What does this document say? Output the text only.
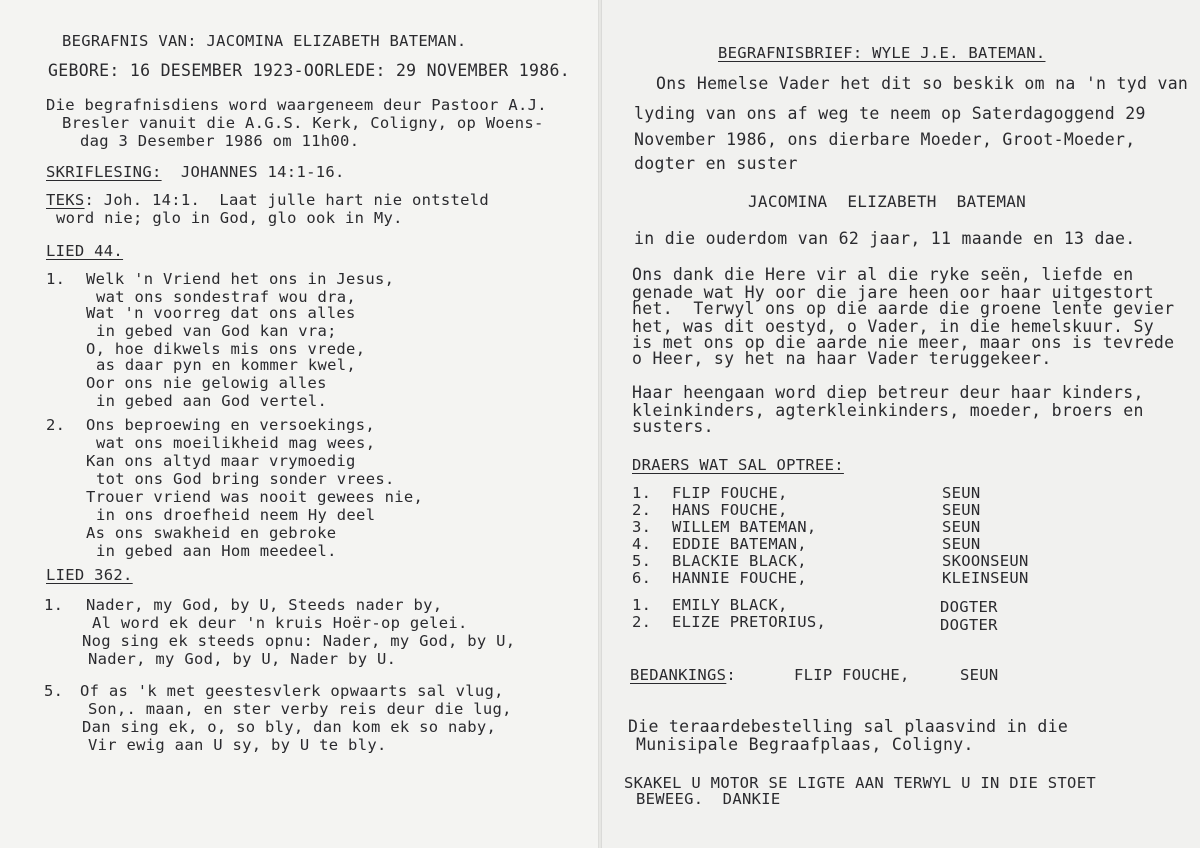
BEGRAFNIS VAN: JACOMINA ELIZABETH BATEMAN.
GEBORE: 16 DESEMBER 1923-OORLEDE: 29 NOVEMBER 1986.
Die begrafnisdiens word waargeneem deur Pastoor A.J.
Bresler vanuit die A.G.S. Kerk, Coligny, op Woens-
dag 3 Desember 1986 om 11h00.
SKRIFLESING: JOHANNES 14:1-16.
TEKS: Joh. 14:1.  Laat julle hart nie ontsteld
word nie; glo in God, glo ook in My.
LIED 44.
1. Welk 'n Vriend het ons in Jesus,
wat ons sondestraf wou dra,
Wat 'n voorreg dat ons alles
in gebed van God kan vra;
O, hoe dikwels mis ons vrede,
as daar pyn en kommer kwel,
Oor ons nie gelowig alles
in gebed aan God vertel.
2. Ons beproewing en versoekings,
wat ons moeilikheid mag wees,
Kan ons altyd maar vrymoedig
tot ons God bring sonder vrees.
Trouer vriend was nooit gewees nie,
in ons droefheid neem Hy deel
As ons swakheid en gebroke
in gebed aan Hom meedeel.
LIED 362.
1. Nader, my God, by U, Steeds nader by,
Al word ek deur 'n kruis Hoër-op gelei.
Nog sing ek steeds opnu: Nader, my God, by U,
Nader, my God, by U, Nader by U.
5. Of as 'k met geestesvlerk opwaarts sal vlug,
Son,. maan, en ster verby reis deur die lug,
Dan sing ek, o, so bly, dan kom ek so naby,
Vir ewig aan U sy, by U te bly.
BEGRAFNISBRIEF: WYLE J.E. BATEMAN.
Ons Hemelse Vader het dit so beskik om na 'n tyd van
lyding van ons af weg te neem op Saterdagoggend 29
November 1986, ons dierbare Moeder, Groot-Moeder,
dogter en suster
JACOMINA  ELIZABETH  BATEMAN
in die ouderdom van 62 jaar, 11 maande en 13 dae.
Ons dank die Here vir al die ryke seën, liefde en
genade wat Hy oor die jare heen oor haar uitgestort
het.  Terwyl ons op die aarde die groene lente gevier
het, was dit oestyd, o Vader, in die hemelskuur. Sy
is met ons op die aarde nie meer, maar ons is tevrede
o Heer, sy het na haar Vader teruggekeer.
Haar heengaan word diep betreur deur haar kinders,
kleinkinders, agterkleinkinders, moeder, broers en
susters.
DRAERS WAT SAL OPTREE:
1. FLIP FOUCHE,	SEUN
2. HANS FOUCHE,	SEUN
3. WILLEM BATEMAN,	SEUN
4. EDDIE BATEMAN,	SEUN
5. BLACKIE BLACK,	SKOONSEUN
6. HANNIE FOUCHE,	KLEINSEUN
1. EMILY BLACK,	DOGTER
2. ELIZE PRETORIUS,	DOGTER
BEDANKINGS:	FLIP FOUCHE,	SEUN
Die teraardebestelling sal plaasvind in die
Munisipale Begraafplaas, Coligny.
SKAKEL U MOTOR SE LIGTE AAN TERWYL U IN DIE STOET
BEWEEG.  DANKIE
